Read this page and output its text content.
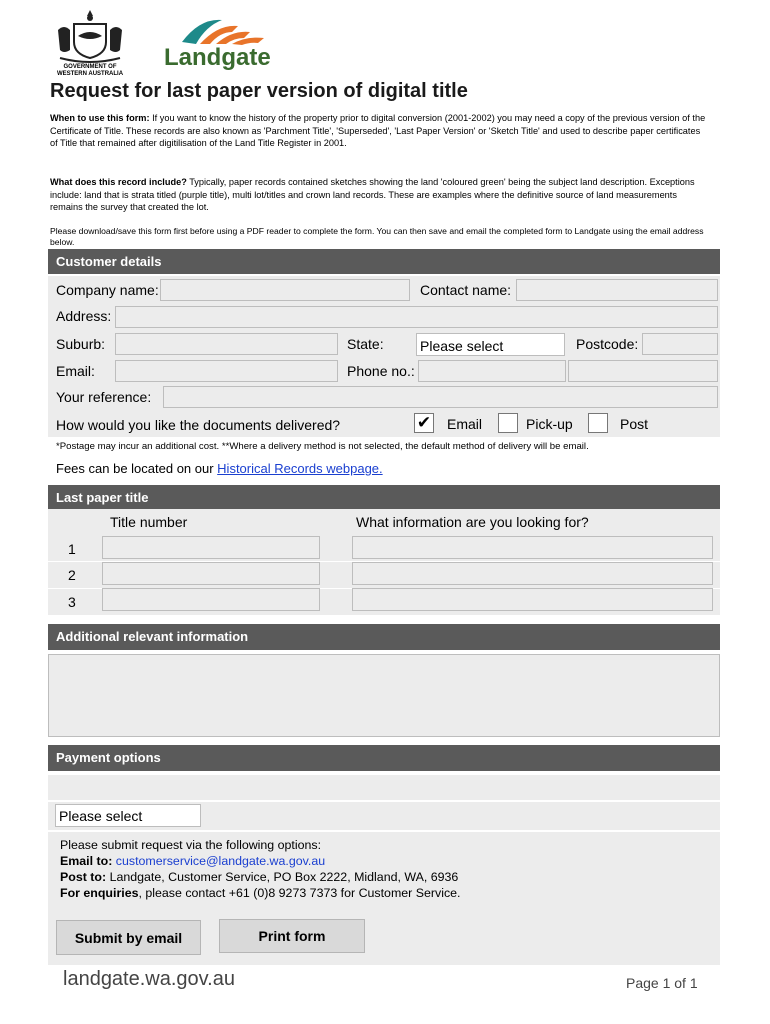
GOVERNMENT OF
WESTERN AUSTRALIA
Landgate
Request for last paper version of digital title
When to use this form: If you want to know the history of the property prior to digital conversion (2001-2002) you may need a copy of the previous version of the Certificate of Title. These records are also known as 'Parchment Title', 'Superseded', 'Last Paper Version' or 'Sketch Title' and used to describe paper certificates of Title that remained after digitilisation of the Land Title Register in 2001.
What does this record include? Typically, paper records contained sketches showing the land 'coloured green' being the subject land description. Exceptions include: land that is strata titled (purple title), multi lot/titles and crown land records. These are examples where the definitive source of land measurements remains the survey that created the lot.
Please download/save this form first before using a PDF reader to complete the form. You can then save and email the completed form to Landgate using the email address below.
Customer details
Company name:	Contact name:
Address:
Suburb:	State:	Please select	Postcode:
Email:	Phone no.:
Your reference:
How would you like the documents delivered?	✔ Email	Pick-up	Post
*Postage may incur an additional cost. **Where a delivery method is not selected, the default method of delivery will be email.
Fees can be located on our Historical Records webpage.
Last paper title
Title number	What information are you looking for?
1
2
3
Additional relevant information
Payment options
Please select
Please submit request via the following options:
Email to: customerservice@landgate.wa.gov.au
Post to: Landgate, Customer Service, PO Box 2222, Midland, WA, 6936
For enquiries, please contact +61 (0)8 9273 7373 for Customer Service.
Submit by email	Print form
landgate.wa.gov.au	Page 1 of 1
